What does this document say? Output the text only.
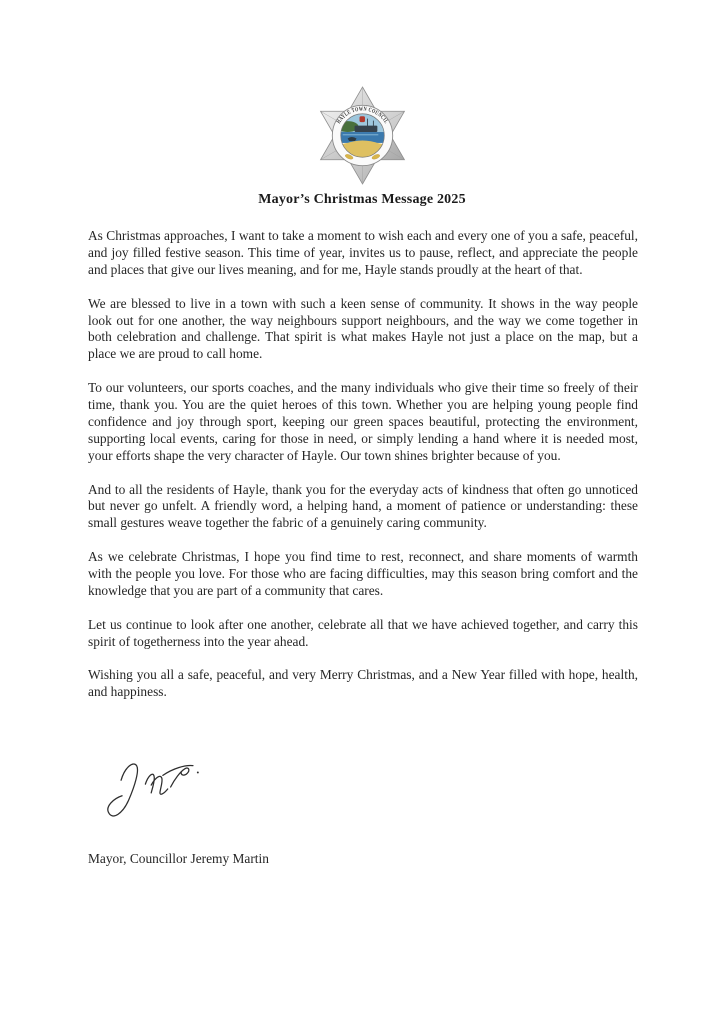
HAYLE TOWN COUNCIL
Mayor’s Christmas Message 2025

As Christmas approaches, I want to take a moment to wish each and every one of you a safe, peaceful, and joy filled festive season. This time of year, invites us to pause, reflect, and appreciate the people and places that give our lives meaning, and for me, Hayle stands proudly at the heart of that.

We are blessed to live in a town with such a keen sense of community. It shows in the way people look out for one another, the way neighbours support neighbours, and the way we come together in both celebration and challenge. That spirit is what makes Hayle not just a place on the map, but a place we are proud to call home.

To our volunteers, our sports coaches, and the many individuals who give their time so freely of their time, thank you. You are the quiet heroes of this town. Whether you are helping young people find confidence and joy through sport, keeping our green spaces beautiful, protecting the environment, supporting local events, caring for those in need, or simply lending a hand where it is needed most, your efforts shape the very character of Hayle. Our town shines brighter because of you.

And to all the residents of Hayle, thank you for the everyday acts of kindness that often go unnoticed but never go unfelt. A friendly word, a helping hand, a moment of patience or understanding: these small gestures weave together the fabric of a genuinely caring community.

As we celebrate Christmas, I hope you find time to rest, reconnect, and share moments of warmth with the people you love. For those who are facing difficulties, may this season bring comfort and the knowledge that you are part of a community that cares.

Let us continue to look after one another, celebrate all that we have achieved together, and carry this spirit of togetherness into the year ahead.

Wishing you all a safe, peaceful, and very Merry Christmas, and a New Year filled with hope, health, and happiness.

Mayor, Councillor Jeremy Martin
